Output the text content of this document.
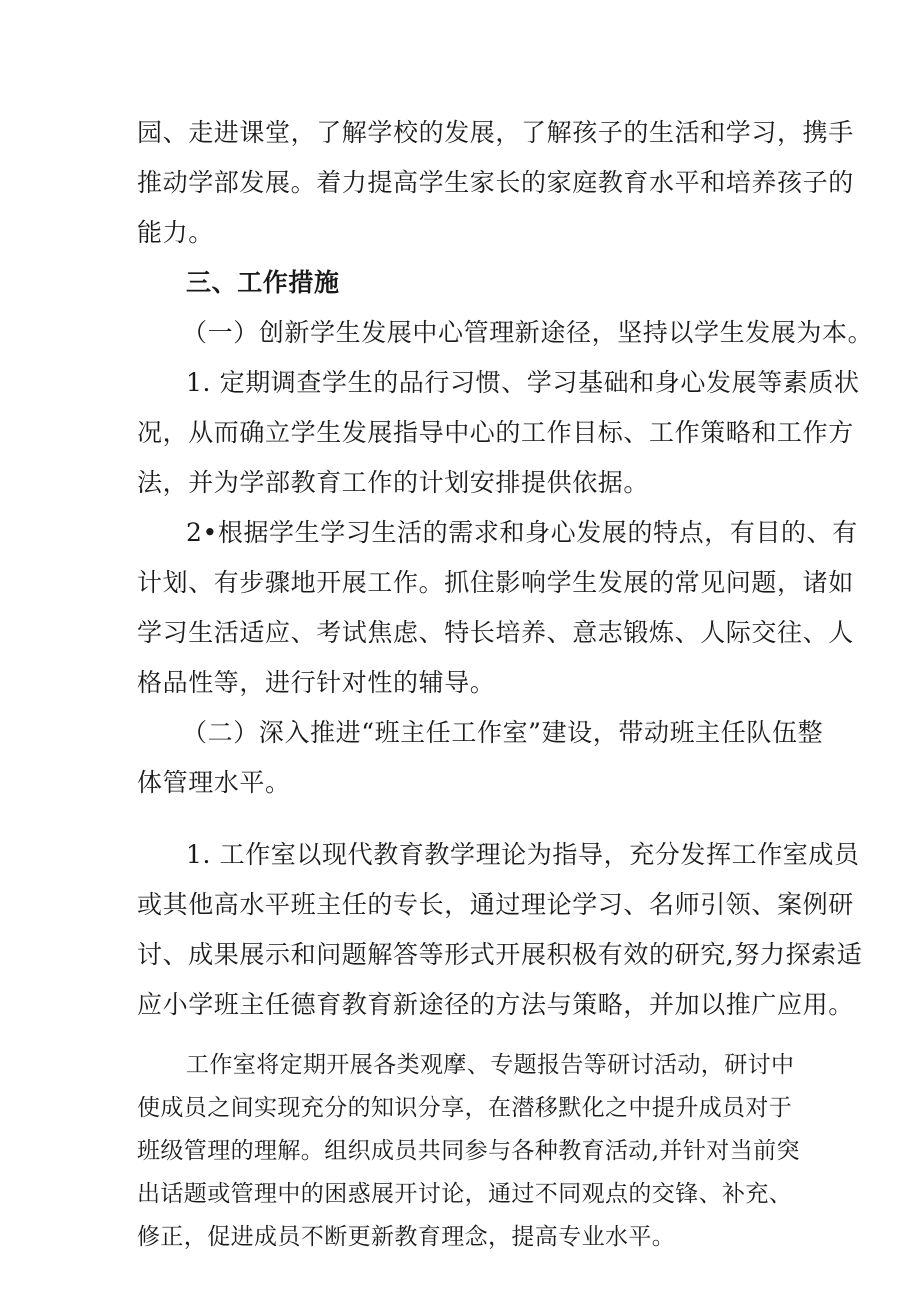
园、走进课堂，了解学校的发展，了解孩子的生活和学习，携手
推动学部发展。着力提高学生家长的家庭教育水平和培养孩子的
能力。
三、工作措施
（一）创新学生发展中心管理新途径，坚持以学生发展为本。
1. 定期调查学生的品行习惯、学习基础和身心发展等素质状
况，从而确立学生发展指导中心的工作目标、工作策略和工作方
法，并为学部教育工作的计划安排提供依据。
2•根据学生学习生活的需求和身心发展的特点，有目的、有
计划、有步骤地开展工作。抓住影响学生发展的常见问题，诸如
学习生活适应、考试焦虑、特长培养、意志锻炼、人际交往、人
格品性等，进行针对性的辅导。
（二）深入推进“班主任工作室”建设，带动班主任队伍整
体管理水平。
1. 工作室以现代教育教学理论为指导，充分发挥工作室成员
或其他高水平班主任的专长，通过理论学习、名师引领、案例研
讨、成果展示和问题解答等形式开展积极有效的研究,努力探索适
应小学班主任德育教育新途径的方法与策略，并加以推广应用。
工作室将定期开展各类观摩、专题报告等研讨活动，研讨中
使成员之间实现充分的知识分享，在潜移默化之中提升成员对于
班级管理的理解。组织成员共同参与各种教育活动,并针对当前突
出话题或管理中的困惑展开讨论，通过不同观点的交锋、补充、
修正，促进成员不断更新教育理念，提高专业水平。
